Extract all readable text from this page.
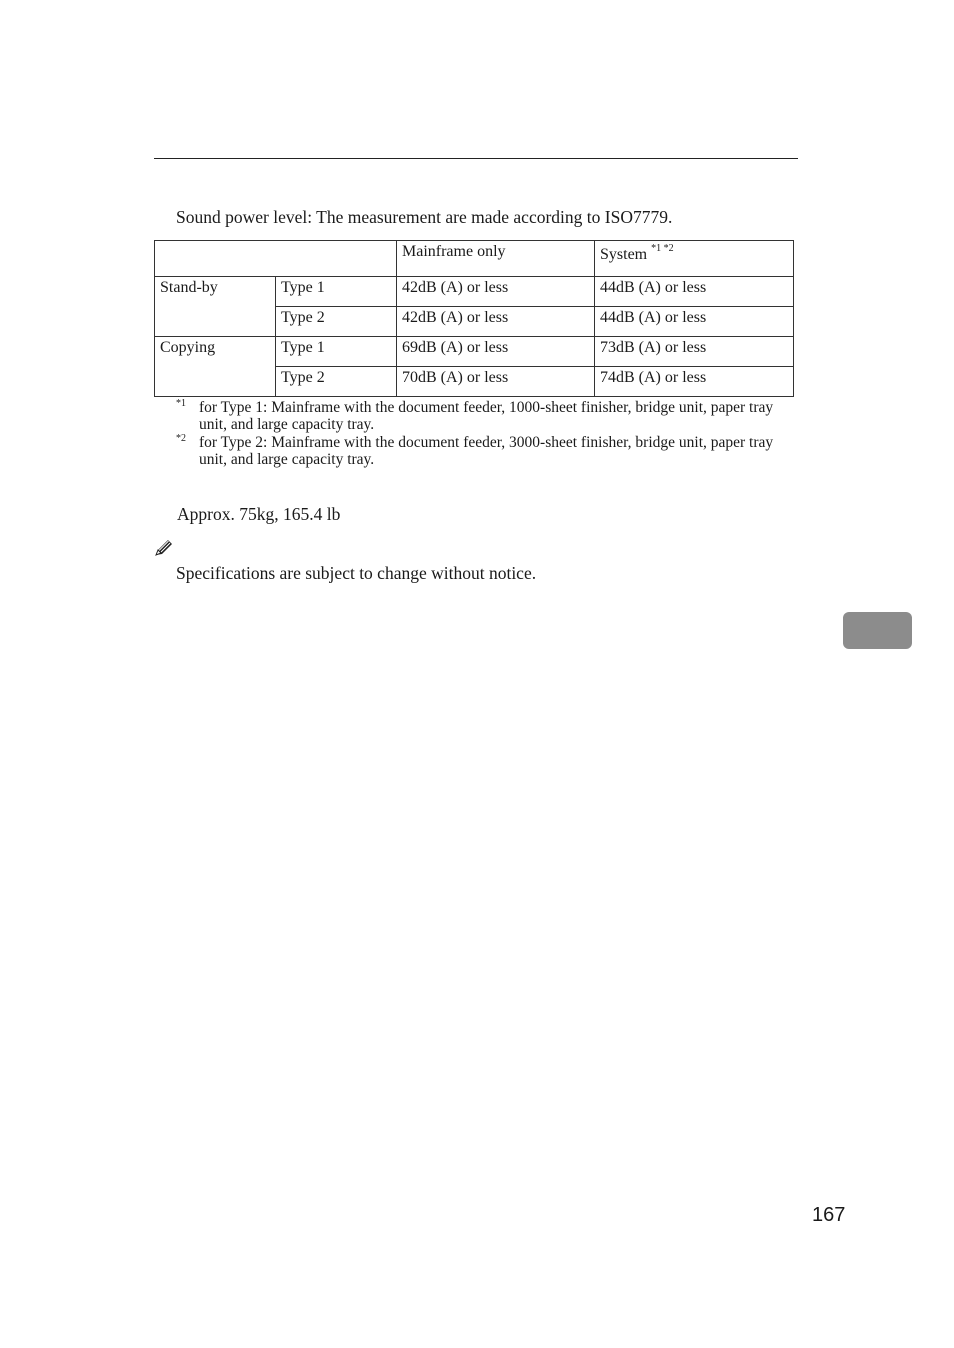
Sound power level: The measurement are made according to ISO7779.
		Mainframe only	System $^{*1 *2}$
Stand-by	Type 1	42dB (A) or less	44dB (A) or less
	Type 2	42dB (A) or less	44dB (A) or less
Copying	Type 1	69dB (A) or less	73dB (A) or less
	Type 2	70dB (A) or less	74dB (A) or less
*1 for Type 1: Mainframe with the document feeder, 1000-sheet finisher, bridge unit, paper tray unit, and large capacity tray.
*2 for Type 2: Mainframe with the document feeder, 3000-sheet finisher, bridge unit, paper tray unit, and large capacity tray.
Approx. 75kg, 165.4 lb
Specifications are subject to change without notice.
167
